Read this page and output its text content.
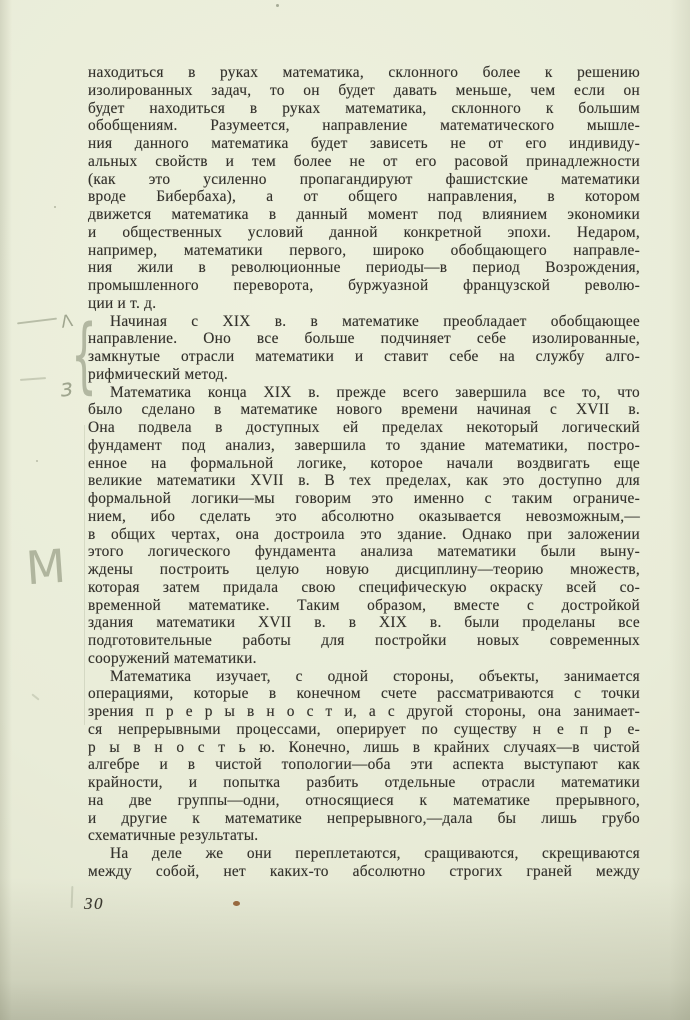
находиться в руках математика, склонного более к решению
изолированных задач, то он будет давать меньше, чем если он
будет находиться в руках математика, склонного к большим
обобщениям. Разумеется, направление математического мышле-
ния данного математика будет зависеть не от его индивиду-
альных свойств и тем более не от его расовой принадлежности
(как это усиленно пропагандируют фашистские математики
вроде Бибербаха), а от общего направления, в котором
движется математика в данный момент под влиянием экономики
и общественных условий данной конкретной эпохи. Недаром,
например, математики первого, широко обобщающего направле-
ния жили в революционные периоды—в период Возрождения,
промышленного переворота, буржуазной французской револю-
ции и т. д.
Начиная с XIX в. в математике преобладает обобщающее
направление. Оно все больше подчиняет себе изолированные,
замкнутые отрасли математики и ставит себе на службу алго-
рифмический метод.
Математика конца XIX в. прежде всего завершила все то, что
было сделано в математике нового времени начиная с XVII в.
Она подвела в доступных ей пределах некоторый логический
фундамент под анализ, завершила то здание математики, постро-
енное на формальной логике, которое начали воздвигать еще
великие математики XVII в. В тех пределах, как это доступно для
формальной логики—мы говорим это именно с таким ограниче-
нием, ибо сделать это абсолютно оказывается невозможным,—
в общих чертах, она достроила это здание. Однако при заложении
этого логического фундамента анализа математики были выну-
ждены построить целую новую дисциплину—теорию множеств,
которая затем придала свою специфическую окраску всей со-
временной математике. Таким образом, вместе с достройкой
здания математики XVII в. в XIX в. были проделаны все
подготовительные работы для постройки новых современных
сооружений математики.
Математика изучает, с одной стороны, объекты, занимается
операциями, которые в конечном счете рассматриваются с точки
зрения п р е р ы в н о с т и, а с другой стороны, она занимает-
ся непрерывными процессами, оперирует по существу н е п р е-
р ы в н о с т ь ю. Конечно, лишь в крайних случаях—в чистой
алгебре и в чистой топологии—оба эти аспекта выступают как
крайности, и попытка разбить отдельные отрасли математики
на две группы—одни, относящиеся к математике прерывного,
и другие к математике непрерывного,—дала бы лишь грубо
схематичные результаты.
На деле же они переплетаются, сращиваются, скрещиваются
между собой, нет каких-то абсолютно строгих граней между
30
Λ
{
з
М
